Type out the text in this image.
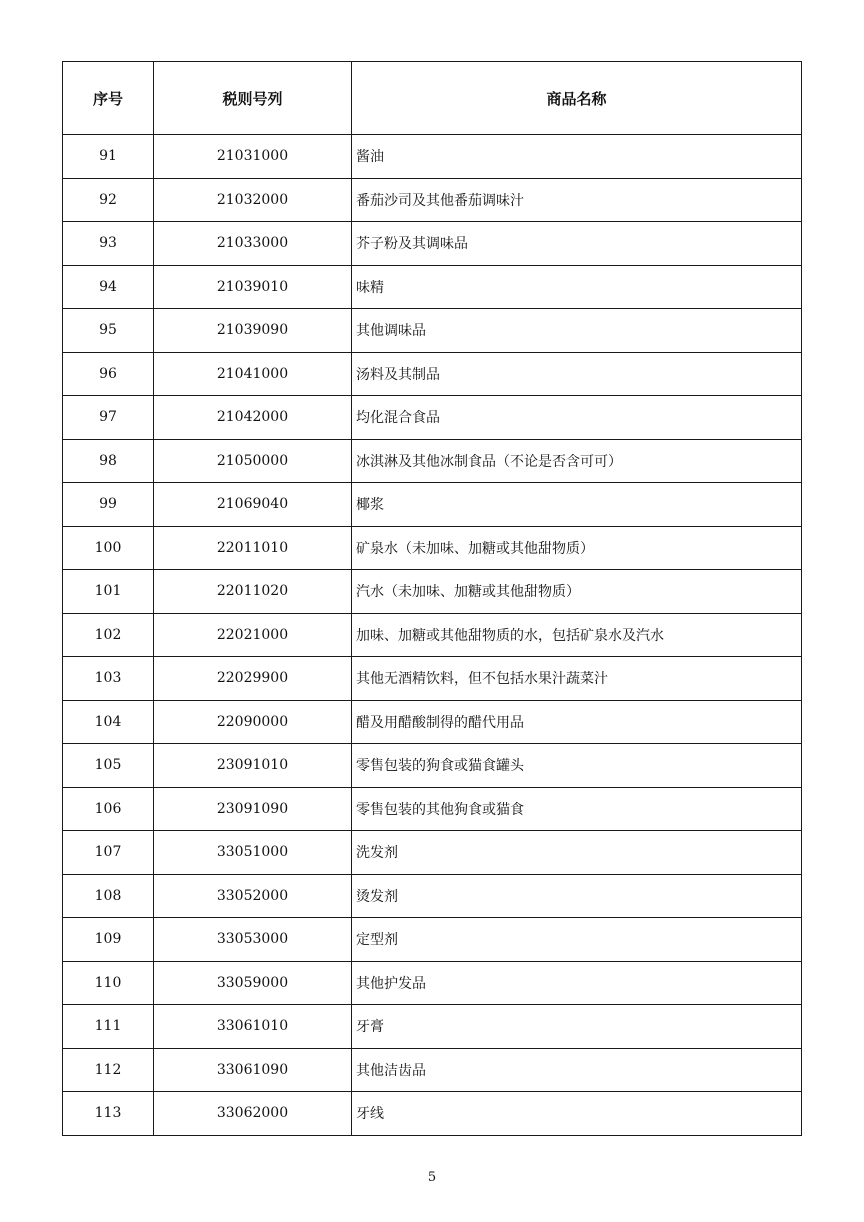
序号	税则号列	商品名称
91	21031000	酱油
92	21032000	番茄沙司及其他番茄调味汁
93	21033000	芥子粉及其调味品
94	21039010	味精
95	21039090	其他调味品
96	21041000	汤料及其制品
97	21042000	均化混合食品
98	21050000	冰淇淋及其他冰制食品（不论是否含可可）
99	21069040	椰浆
100	22011010	矿泉水（未加味、加糖或其他甜物质）
101	22011020	汽水（未加味、加糖或其他甜物质）
102	22021000	加味、加糖或其他甜物质的水，包括矿泉水及汽水
103	22029900	其他无酒精饮料，但不包括水果汁蔬菜汁
104	22090000	醋及用醋酸制得的醋代用品
105	23091010	零售包装的狗食或猫食罐头
106	23091090	零售包装的其他狗食或猫食
107	33051000	洗发剂
108	33052000	烫发剂
109	33053000	定型剂
110	33059000	其他护发品
111	33061010	牙膏
112	33061090	其他洁齿品
113	33062000	牙线
5
